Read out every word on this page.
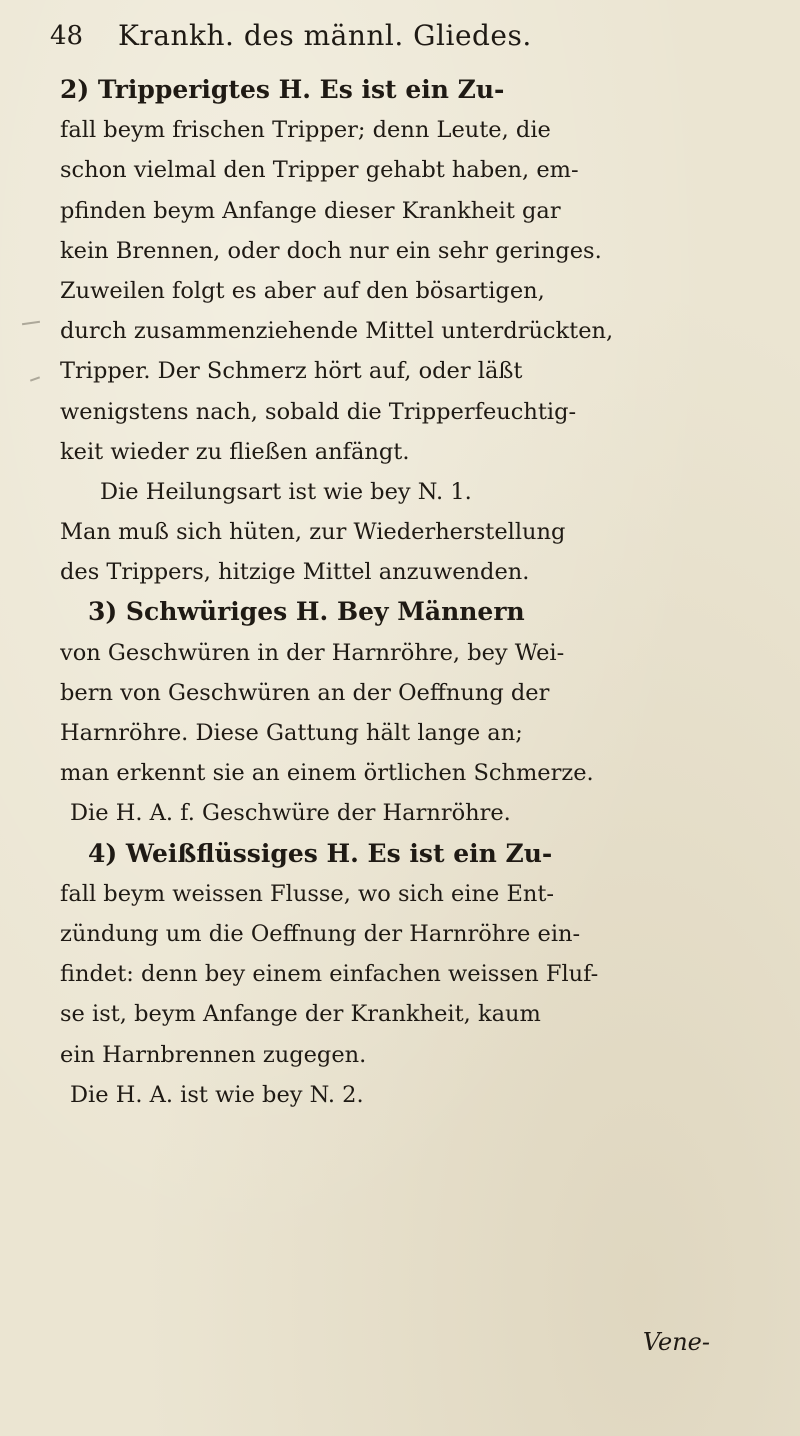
48 Krankh. des männl. Gliedes.
2) Tripperigtes H. Es ist ein Zu-
fall beym frischen Tripper; denn Leute, die
schon vielmal den Tripper gehabt haben, em-
pfinden beym Anfange dieser Krankheit gar
kein Brennen, oder doch nur ein sehr geringes.
Zuweilen folgt es aber auf den bösartigen,
durch zusammenziehende Mittel unterdrückten,
Tripper. Der Schmerz hört auf, oder läßt
wenigstens nach, sobald die Tripperfeuchtig-
keit wieder zu fließen anfängt.
Die Heilungsart ist wie bey N. 1.
Man muß sich hüten, zur Wiederherstellung
des Trippers, hitzige Mittel anzuwenden.
3) Schwüriges H. Bey Männern
von Geschwüren in der Harnröhre, bey Wei-
bern von Geschwüren an der Oeffnung der
Harnröhre. Diese Gattung hält lange an;
man erkennt sie an einem örtlichen Schmerze.
Die H. A. f. Geschwüre der Harnröhre.
4) Weißflüssiges H. Es ist ein Zu-
fall beym weissen Flusse, wo sich eine Ent-
zündung um die Oeffnung der Harnröhre ein-
findet: denn bey einem einfachen weissen Fluf-
se ist, beym Anfange der Krankheit, kaum
ein Harnbrennen zugegen.
Die H. A. ist wie bey N. 2.
Vene-
